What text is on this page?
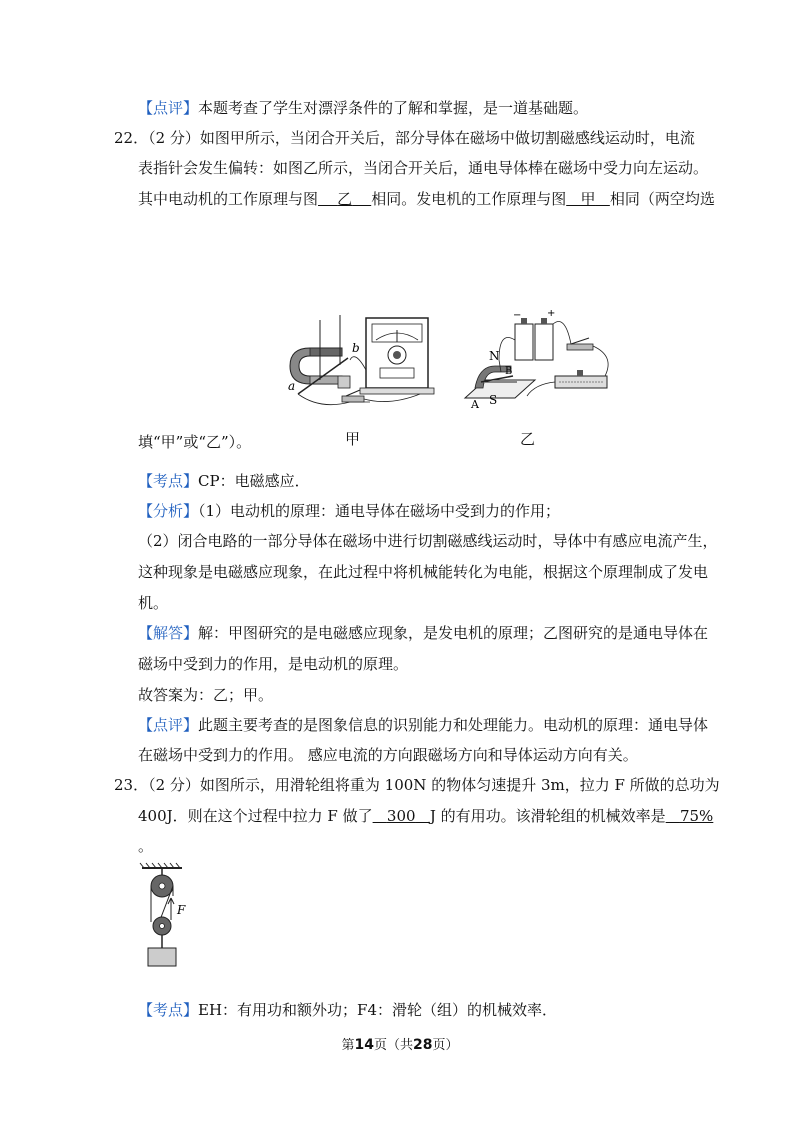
【点评】本题考查了学生对漂浮条件的了解和掌握，是一道基础题。
22．（2 分）如图甲所示，当闭合开关后，部分导体在磁场中做切割磁感线运动时，电流
表指针会发生偏转：如图乙所示，当闭合开关后，通电导体棒在磁场中受力向左运动。
其中电动机的工作原理与图 乙 相同。发电机的工作原理与图 甲 相同（两空均选
a
b
−	+
N
B
A S
填“甲”或“乙”）。	甲	乙
【考点】CP：电磁感应．
【分析】（1）电动机的原理：通电导体在磁场中受到力的作用；
（2）闭合电路的一部分导体在磁场中进行切割磁感线运动时，导体中有感应电流产生，
这种现象是电磁感应现象，在此过程中将机械能转化为电能，根据这个原理制成了发电
机。
【解答】解：甲图研究的是电磁感应现象，是发电机的原理；乙图研究的是通电导体在
磁场中受到力的作用，是电动机的原理。
故答案为：乙；甲。
【点评】此题主要考查的是图象信息的识别能力和处理能力。电动机的原理：通电导体
在磁场中受到力的作用。 感应电流的方向跟磁场方向和导体运动方向有关。
23．（2 分）如图所示，用滑轮组将重为 100N 的物体匀速提升 3m，拉力 F 所做的总功为
400J．则在这个过程中拉力 F 做了 300 J 的有用功。该滑轮组的机械效率是 75%
。
F
【考点】EH：有用功和额外功；F4：滑轮（组）的机械效率．
第14页（共28页）
